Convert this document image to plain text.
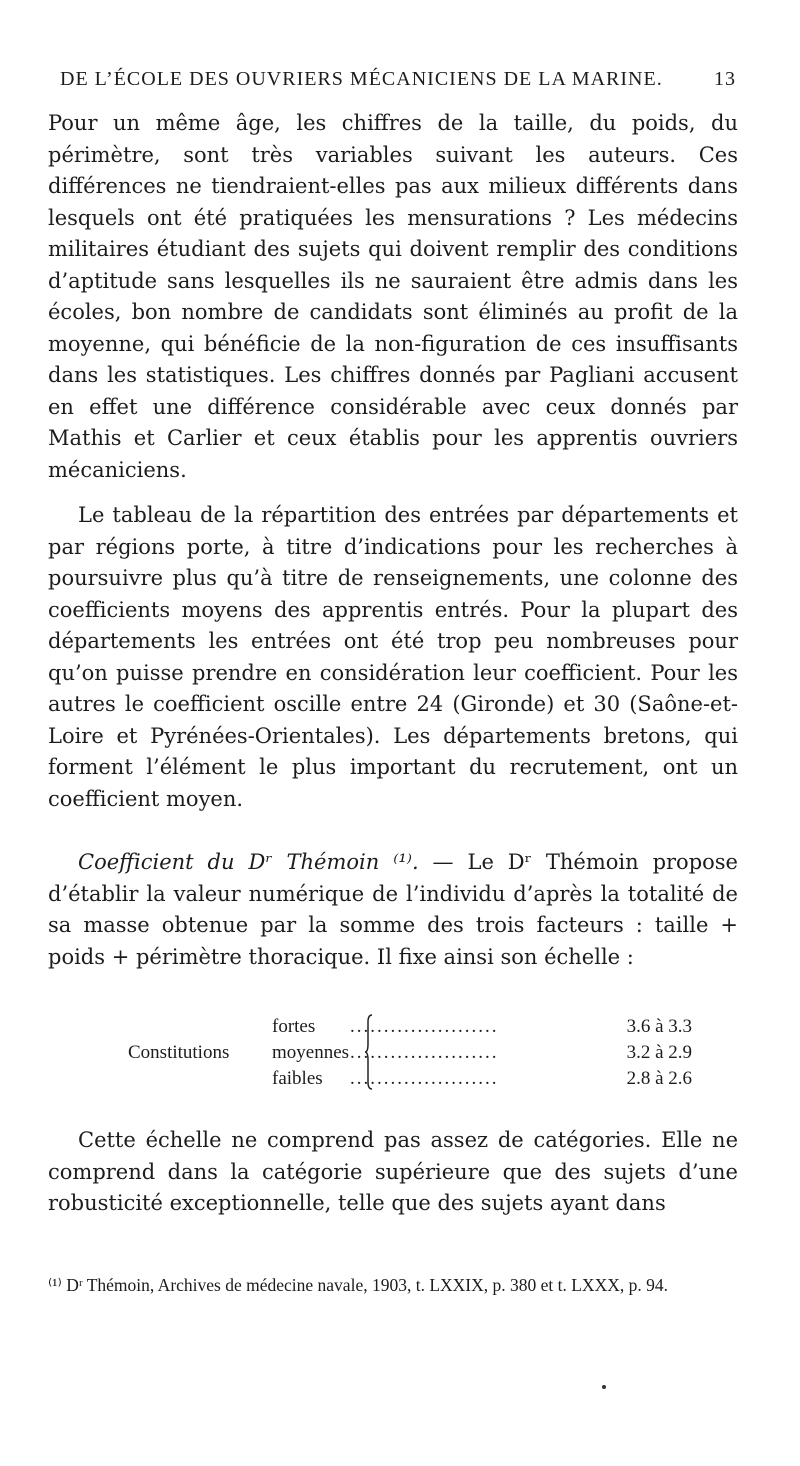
DE L’ÉCOLE DES OUVRIERS MÉCANICIENS DE LA MARINE.	13
Pour un même âge, les chiffres de la taille, du poids, du périmètre, sont très variables suivant les auteurs. Ces différences ne tiendraient-elles pas aux milieux différents dans lesquels ont été pratiquées les mensurations ? Les médecins militaires étudiant des sujets qui doivent remplir des conditions d’aptitude sans lesquelles ils ne sauraient être admis dans les écoles, bon nombre de candidats sont éliminés au profit de la moyenne, qui bénéficie de la non-figuration de ces insuffisants dans les statistiques. Les chiffres donnés par Pagliani accusent en effet une différence considérable avec ceux donnés par Mathis et Carlier et ceux établis pour les apprentis ouvriers mécaniciens.
Le tableau de la répartition des entrées par départements et par régions porte, à titre d’indications pour les recherches à poursuivre plus qu’à titre de renseignements, une colonne des coefficients moyens des apprentis entrés. Pour la plupart des départements les entrées ont été trop peu nombreuses pour qu’on puisse prendre en considération leur coefficient. Pour les autres le coefficient oscille entre 24 (Gironde) et 30 (Saône-et-Loire et Pyrénées-Orientales). Les départements bretons, qui forment l’élément le plus important du recrutement, ont un coefficient moyen.
Coefficient du Dʳ Thémoin ⁽¹⁾. — Le Dʳ Thémoin propose d’établir la valeur numérique de l’individu d’après la totalité de sa masse obtenue par la somme des trois facteurs : taille + poids + périmètre thoracique. Il fixe ainsi son échelle :
Constitutions
fortes ......................	3.6 à 3.3
moyennes ......................	3.2 à 2.9
faibles ......................	2.8 à 2.6
Cette échelle ne comprend pas assez de catégories. Elle ne comprend dans la catégorie supérieure que des sujets d’une robusticité exceptionnelle, telle que des sujets ayant dans
⁽¹⁾ Dʳ Thémoin, Archives de médecine navale, 1903, t. LXXIX, p. 380 et t. LXXX, p. 94.
